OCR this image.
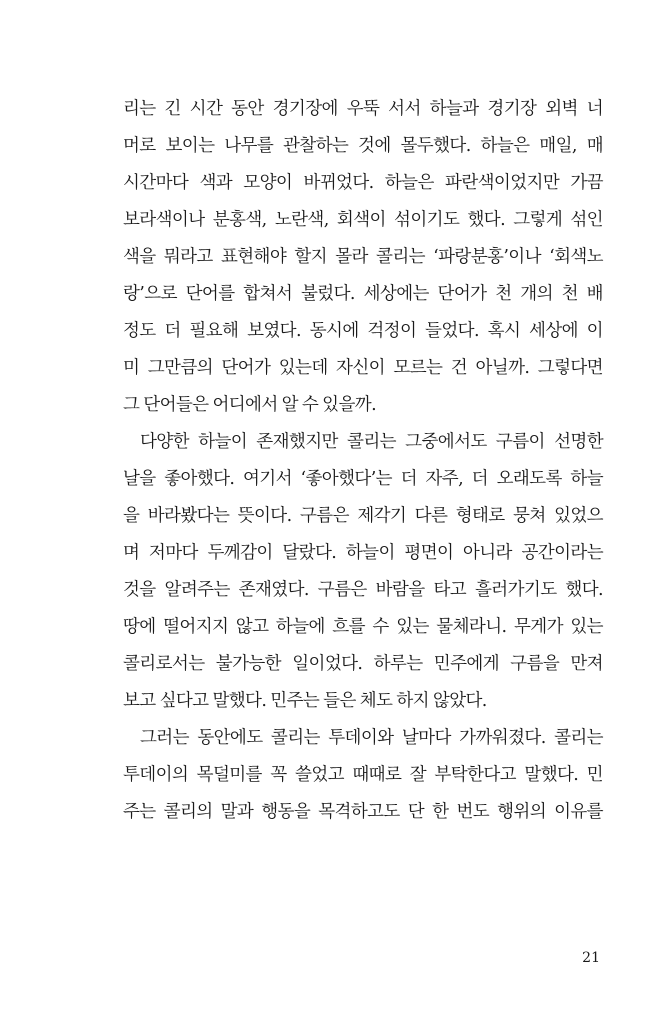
리는 긴 시간 동안 경기장에 우뚝 서서 하늘과 경기장 외벽 너
머로 보이는 나무를 관찰하는 것에 몰두했다. 하늘은 매일, 매
시간마다 색과 모양이 바뀌었다. 하늘은 파란색이었지만 가끔
보라색이나 분홍색, 노란색, 회색이 섞이기도 했다. 그렇게 섞인
색을 뭐라고 표현해야 할지 몰라 콜리는 ‘파랑분홍’이나 ‘회색노
랑’으로 단어를 합쳐서 불렀다. 세상에는 단어가 천 개의 천 배
정도 더 필요해 보였다. 동시에 걱정이 들었다. 혹시 세상에 이
미 그만큼의 단어가 있는데 자신이 모르는 건 아닐까. 그렇다면
그 단어들은 어디에서 알 수 있을까.
다양한 하늘이 존재했지만 콜리는 그중에서도 구름이 선명한
날을 좋아했다. 여기서 ‘좋아했다’는 더 자주, 더 오래도록 하늘
을 바라봤다는 뜻이다. 구름은 제각기 다른 형태로 뭉쳐 있었으
며 저마다 두께감이 달랐다. 하늘이 평면이 아니라 공간이라는
것을 알려주는 존재였다. 구름은 바람을 타고 흘러가기도 했다.
땅에 떨어지지 않고 하늘에 흐를 수 있는 물체라니. 무게가 있는
콜리로서는 불가능한 일이었다. 하루는 민주에게 구름을 만져
보고 싶다고 말했다. 민주는 들은 체도 하지 않았다.
그러는 동안에도 콜리는 투데이와 날마다 가까워졌다. 콜리는
투데이의 목덜미를 꼭 쓸었고 때때로 잘 부탁한다고 말했다. 민
주는 콜리의 말과 행동을 목격하고도 단 한 번도 행위의 이유를
21
